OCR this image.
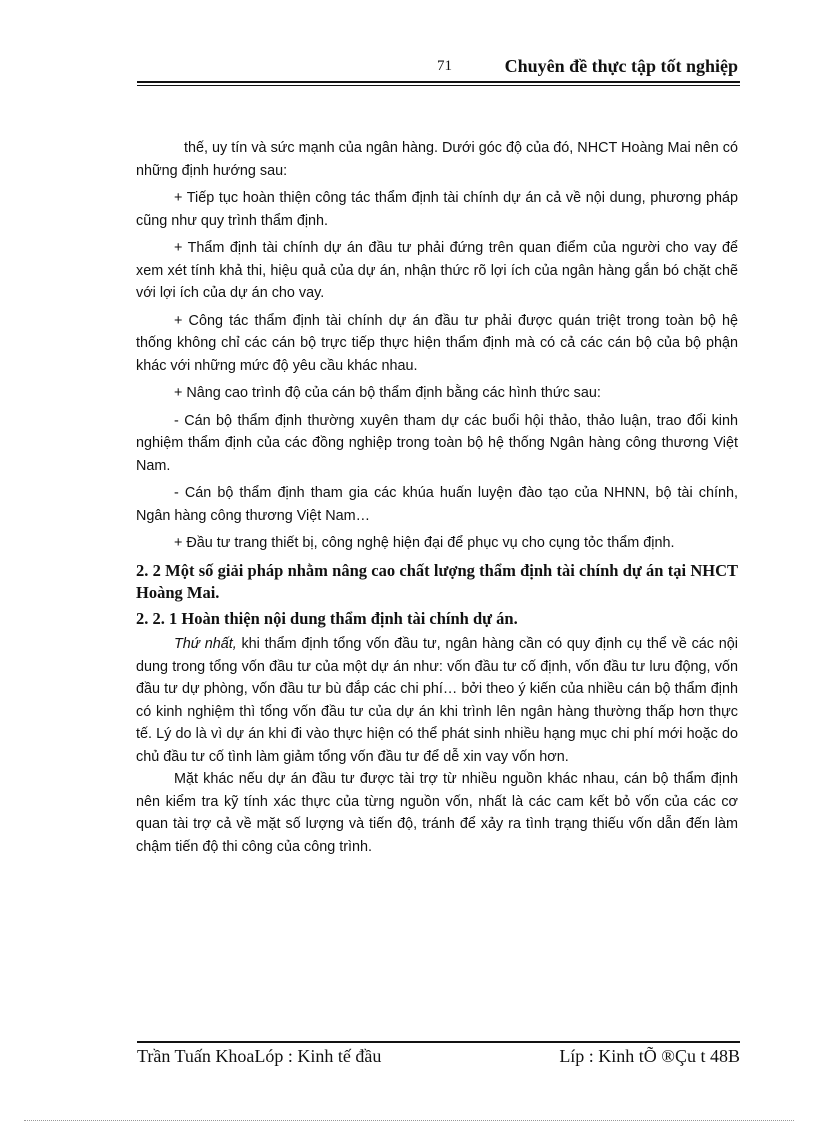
71	Chuyên đề thực tập tốt nghiệp

thế, uy tín và sức mạnh của ngân hàng. Dưới góc độ của đó, NHCT Hoàng Mai nên có những định hướng sau:

+ Tiếp tục hoàn thiện công tác thẩm định tài chính dự án cả về nội dung, phương pháp cũng như quy trình thẩm định.

+ Thẩm định tài chính dự án đầu tư phải đứng trên quan điểm của người cho vay để xem xét tính khả thi, hiệu quả của dự án, nhận thức rõ lợi ích của ngân hàng gắn bó chặt chẽ với lợi ích của dự án cho vay.

+ Công tác thẩm định tài chính dự án đầu tư phải được quán triệt trong toàn bộ hệ thống không chỉ các cán bộ trực tiếp thực hiện thẩm định mà có cả các cán bộ của bộ phận khác với những mức độ yêu cầu khác nhau.

+ Nâng cao trình độ của cán bộ thẩm định bằng các hình thức sau:

- Cán bộ thẩm định thường xuyên tham dự các buổi hội thảo, thảo luận, trao đổi kinh nghiệm thẩm định của các đồng nghiệp trong toàn bộ hệ thống Ngân hàng công thương Việt Nam.

- Cán bộ thẩm định tham gia các khúa huấn luyện đào tạo của NHNN, bộ tài chính, Ngân hàng công thương Việt Nam…

+ Đầu tư trang thiết bị, công nghệ hiện đại để phục vụ cho cụng tỏc thẩm định.

2. 2 Một số giải pháp nhằm nâng cao chất lượng thẩm định tài chính dự án tại NHCT Hoàng Mai.
2. 2. 1 Hoàn thiện nội dung thẩm định tài chính dự án.

Thứ nhất, khi thẩm định tổng vốn đầu tư, ngân hàng cần có quy định cụ thể về các nội dung trong tổng vốn đầu tư của một dự án như: vốn đầu tư cố định, vốn đầu tư lưu động, vốn đầu tư dự phòng, vốn đầu tư bù đắp các chi phí… bởi theo ý kiến của nhiều cán bộ thẩm định có kinh nghiệm thì tổng vốn đầu tư của dự án khi trình lên ngân hàng thường thấp hơn thực tế. Lý do là vì dự án khi đi vào thực hiện có thể phát sinh nhiều hạng mục chi phí mới hoặc do chủ đầu tư cố tình làm giảm tổng vốn đầu tư để dễ xin vay vốn hơn.

Mặt khác nếu dự án đầu tư được tài trợ từ nhiều nguồn khác nhau, cán bộ thẩm định nên kiểm tra kỹ tính xác thực của từng nguồn vốn, nhất là các cam kết bỏ vốn của các cơ quan tài trợ cả về mặt số lượng và tiến độ, tránh để xảy ra tình trạng thiếu vốn dẫn đến làm chậm tiến độ thi công của công trình.

Trần Tuấn KhoaLóp : Kinh tế đầu	Líp : Kinh tÕ ®Çu t 48B
